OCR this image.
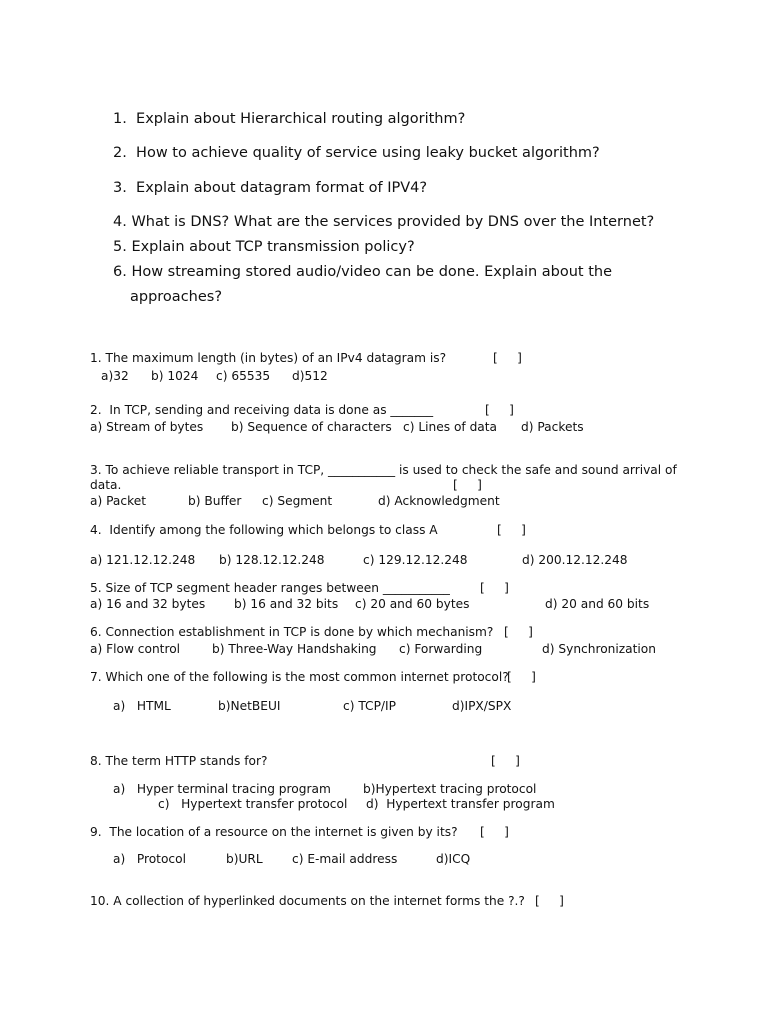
1.  Explain about Hierarchical routing algorithm?
2.  How to achieve quality of service using leaky bucket algorithm?
3.  Explain about datagram format of IPV4?
4. What is DNS? What are the services provided by DNS over the Internet?
5. Explain about TCP transmission policy?
6. How streaming stored audio/video can be done. Explain about the
approaches?
1. The maximum length (in bytes) of an IPv4 datagram is?	[     ]
a)32 b) 1024 c) 65535 d)512
2.  In TCP, sending and receiving data is done as _______	[     ]
a) Stream of bytes b) Sequence of characters c) Lines of data d) Packets
3. To achieve reliable transport in TCP, ___________ is used to check the safe and sound arrival of
data.	[     ]
a) Packet	b) Buffer c) Segment	d) Acknowledgment
4.  Identify among the following which belongs to class A	[     ]
a) 121.12.12.248 b) 128.12.12.248	c) 129.12.12.248	d) 200.12.12.248
5. Size of TCP segment header ranges between ___________ [     ]
a) 16 and 32 bytes b) 16 and 32 bits c) 20 and 60 bytes	d) 20 and 60 bits
6. Connection establishment in TCP is done by which mechanism? [     ]
a) Flow control	b) Three-Way Handshaking c) Forwarding	d) Synchronization
7. Which one of the following is the most common internet protocol?
[     ]
a)   HTML	b)NetBEUI	c) TCP/IP	d)IPX/SPX
8. The term HTTP stands for?	[     ]
a)   Hyper terminal tracing program	b)Hypertext tracing protocol
c)   Hypertext transfer protocol d)  Hypertext transfer program
9.  The location of a resource on the internet is given by its? [     ]
a)   Protocol	b)URL c) E-mail address	d)ICQ
10. A collection of hyperlinked documents on the internet forms the ?.? [     ]
